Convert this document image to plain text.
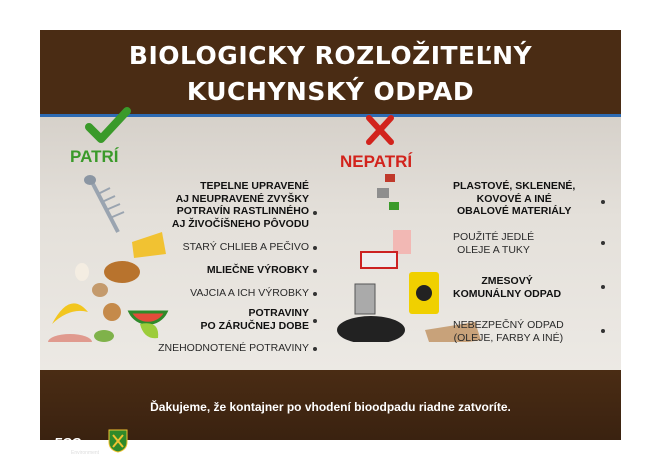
BIOLOGICKY ROZLOŽITEĽNÝ
KUCHYNSKÝ ODPAD
PATRÍ	NEPATRÍ
TEPELNE UPRAVENÉ
AJ NEUPRAVENÉ ZVYŠKY
POTRAVÍN RASTLINNÉHO
AJ ŽIVOČÍŠNEHO PÔVODU
STARÝ CHLIEB A PEČIVO
MLIEČNE VÝROBKY
VAJCIA A ICH VÝROBKY
POTRAVINY
PO ZÁRUČNEJ DOBE
ZNEHODNOTENÉ POTRAVINY
PLASTOVÉ, SKLENENÉ,
KOVOVÉ A INÉ
OBALOVÉ MATERIÁLY
POUŽITÉ JEDLÉ
OLEJE A TUKY
ZMESOVÝ
KOMUNÁLNY ODPAD
NEBEZPEČNÝ ODPAD
(OLEJE, FARBY A INÉ)
Ďakujeme, že kontajner po vhodení bioodpadu riadne zatvoríte.
FCC
Environment	www.fcc-group.sk
